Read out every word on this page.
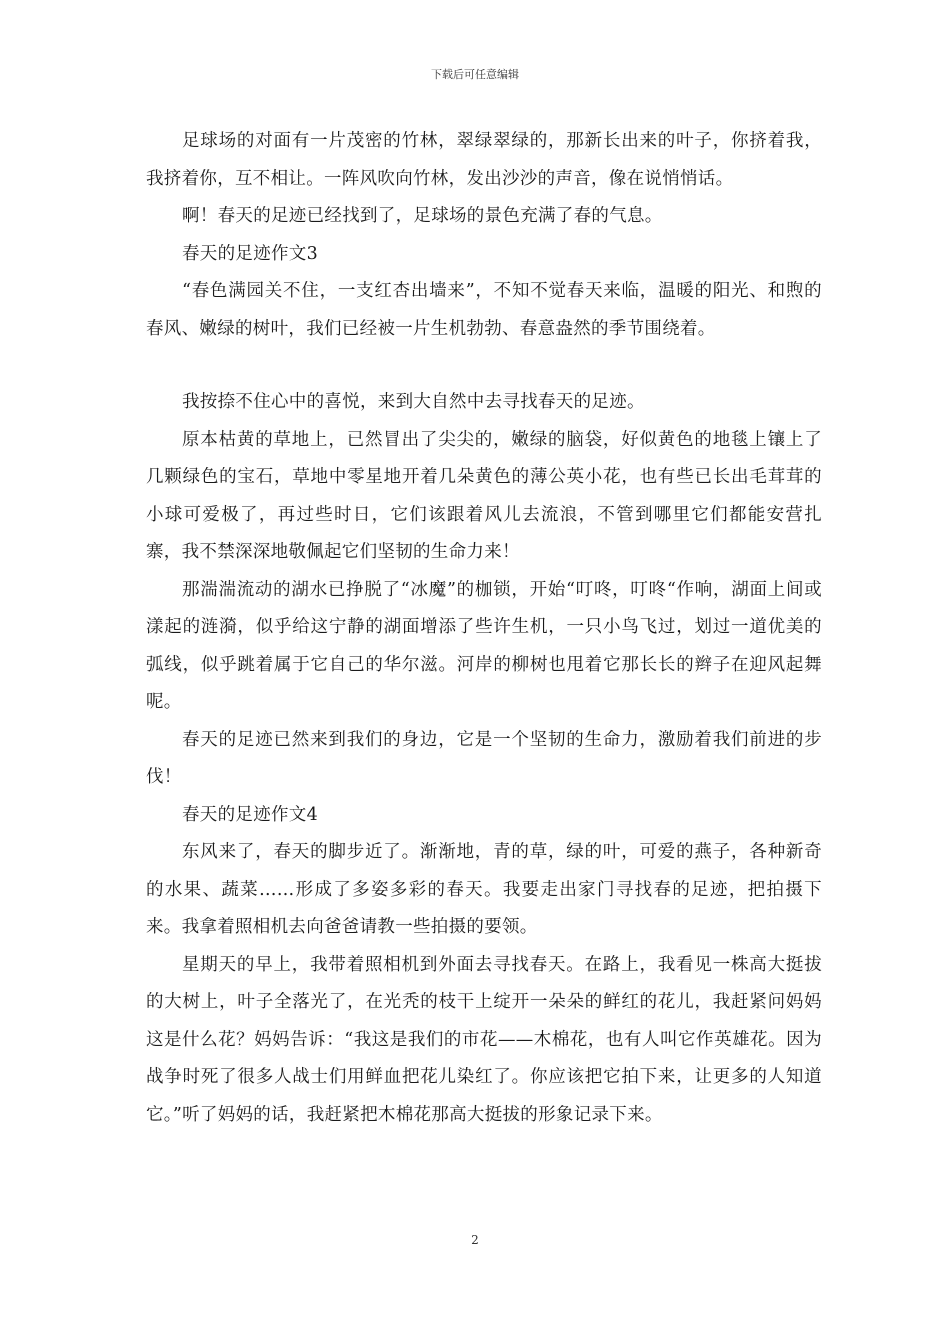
下载后可任意编辑

足球场的对面有一片茂密的竹林，翠绿翠绿的，那新长出来的叶子，你挤着我，我挤着你，互不相让。一阵风吹向竹林，发出沙沙的声音，像在说悄悄话。

啊！春天的足迹已经找到了，足球场的景色充满了春的气息。

春天的足迹作文3

“春色满园关不住，一支红杏出墙来”，不知不觉春天来临，温暖的阳光、和煦的春风、嫩绿的树叶，我们已经被一片生机勃勃、春意盎然的季节围绕着。

我按捺不住心中的喜悦，来到大自然中去寻找春天的足迹。

原本枯黄的草地上，已然冒出了尖尖的，嫩绿的脑袋，好似黄色的地毯上镶上了几颗绿色的宝石，草地中零星地开着几朵黄色的薄公英小花，也有些已长出毛茸茸的小球可爱极了，再过些时日，它们该跟着风儿去流浪，不管到哪里它们都能安营扎寨，我不禁深深地敬佩起它们坚韧的生命力来！

那湍湍流动的湖水已挣脱了“冰魔”的枷锁，开始“叮咚，叮咚“作响，湖面上间或漾起的涟漪，似乎给这宁静的湖面增添了些许生机，一只小鸟飞过，划过一道优美的弧线，似乎跳着属于它自己的华尔滋。河岸的柳树也甩着它那长长的辫子在迎风起舞呢。

春天的足迹已然来到我们的身边，它是一个坚韧的生命力，激励着我们前进的步伐！

春天的足迹作文4

东风来了，春天的脚步近了。渐渐地，青的草，绿的叶，可爱的燕子，各种新奇的水果、蔬菜……形成了多姿多彩的春天。我要走出家门寻找春的足迹，把拍摄下来。我拿着照相机去向爸爸请教一些拍摄的要领。

星期天的早上，我带着照相机到外面去寻找春天。在路上，我看见一株高大挺拔的大树上，叶子全落光了，在光秃的枝干上绽开一朵朵的鲜红的花儿，我赶紧问妈妈这是什么花？妈妈告诉：“我这是我们的市花——木棉花，也有人叫它作英雄花。因为战争时死了很多人战士们用鲜血把花儿染红了。你应该把它拍下来，让更多的人知道它。”听了妈妈的话，我赶紧把木棉花那高大挺拔的形象记录下来。

2
